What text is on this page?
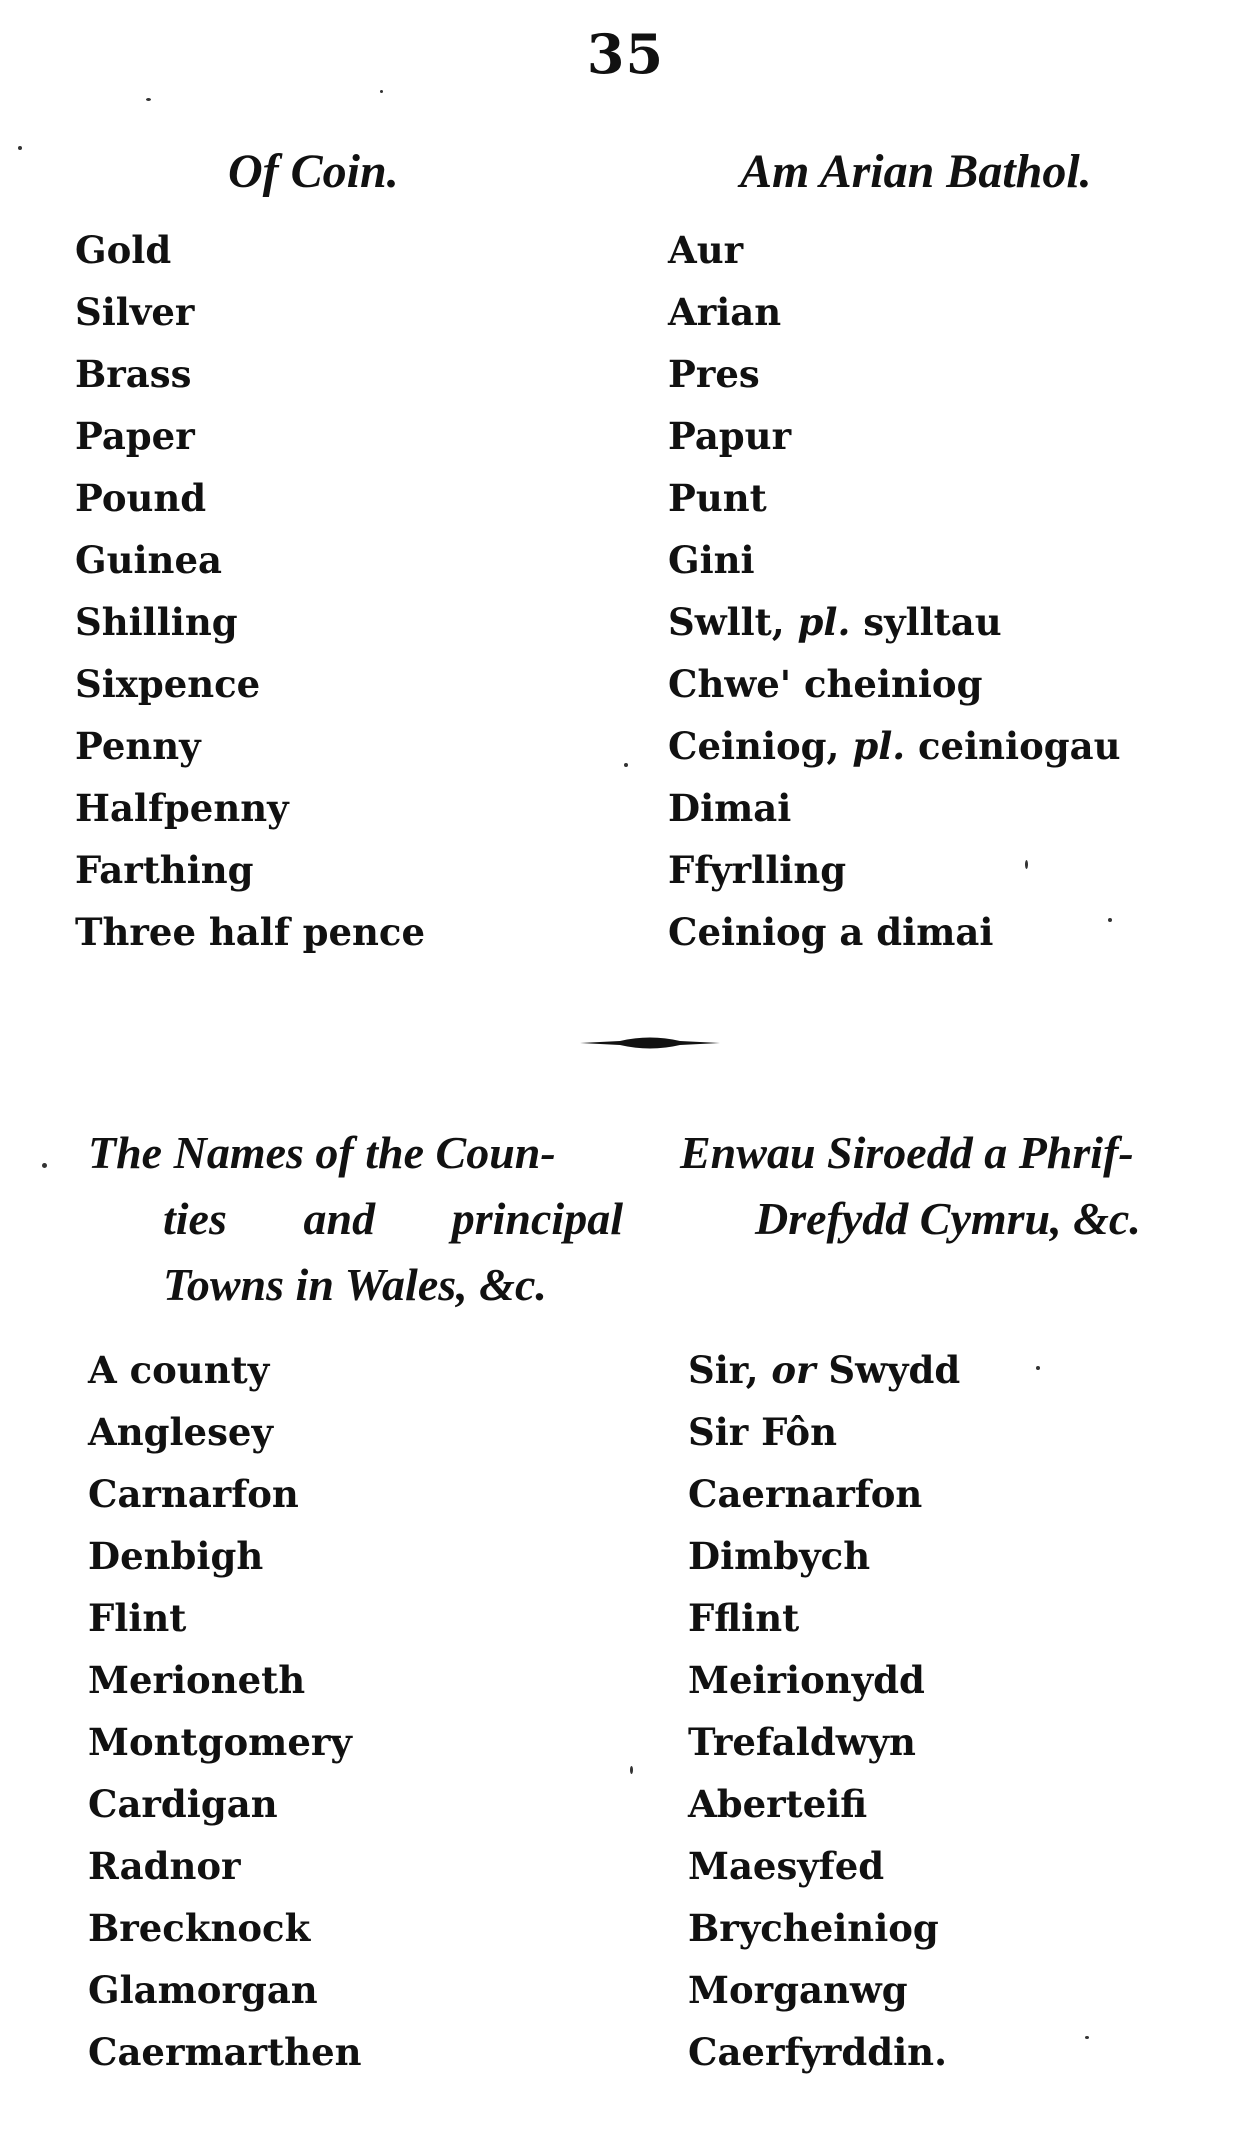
35
Of Coin.	Am Arian Bathol.
Gold	Aur
Silver	Arian
Brass	Pres
Paper	Papur
Pound	Punt
Guinea	Gini
Shilling	Swllt, pl. sylltau
Sixpence	Chwe' cheiniog
Penny	Ceiniog, pl. ceiniogau
Halfpenny	Dimai
Farthing	Ffyrlling
Three half pence	Ceiniog a dimai
The Names of the Coun-
ties and principal
Towns in Wales, &c.
Enwau Siroedd a Phrif-
Drefydd Cymru, &c.
A county	Sir, or Swydd
Anglesey	Sir Fôn
Carnarfon	Caernarfon
Denbigh	Dimbych
Flint	Fflint
Merioneth	Meirionydd
Montgomery	Trefaldwyn
Cardigan	Aberteifi
Radnor	Maesyfed
Brecknock	Brycheiniog
Glamorgan	Morganwg
Caermarthen	Caerfyrddin.
